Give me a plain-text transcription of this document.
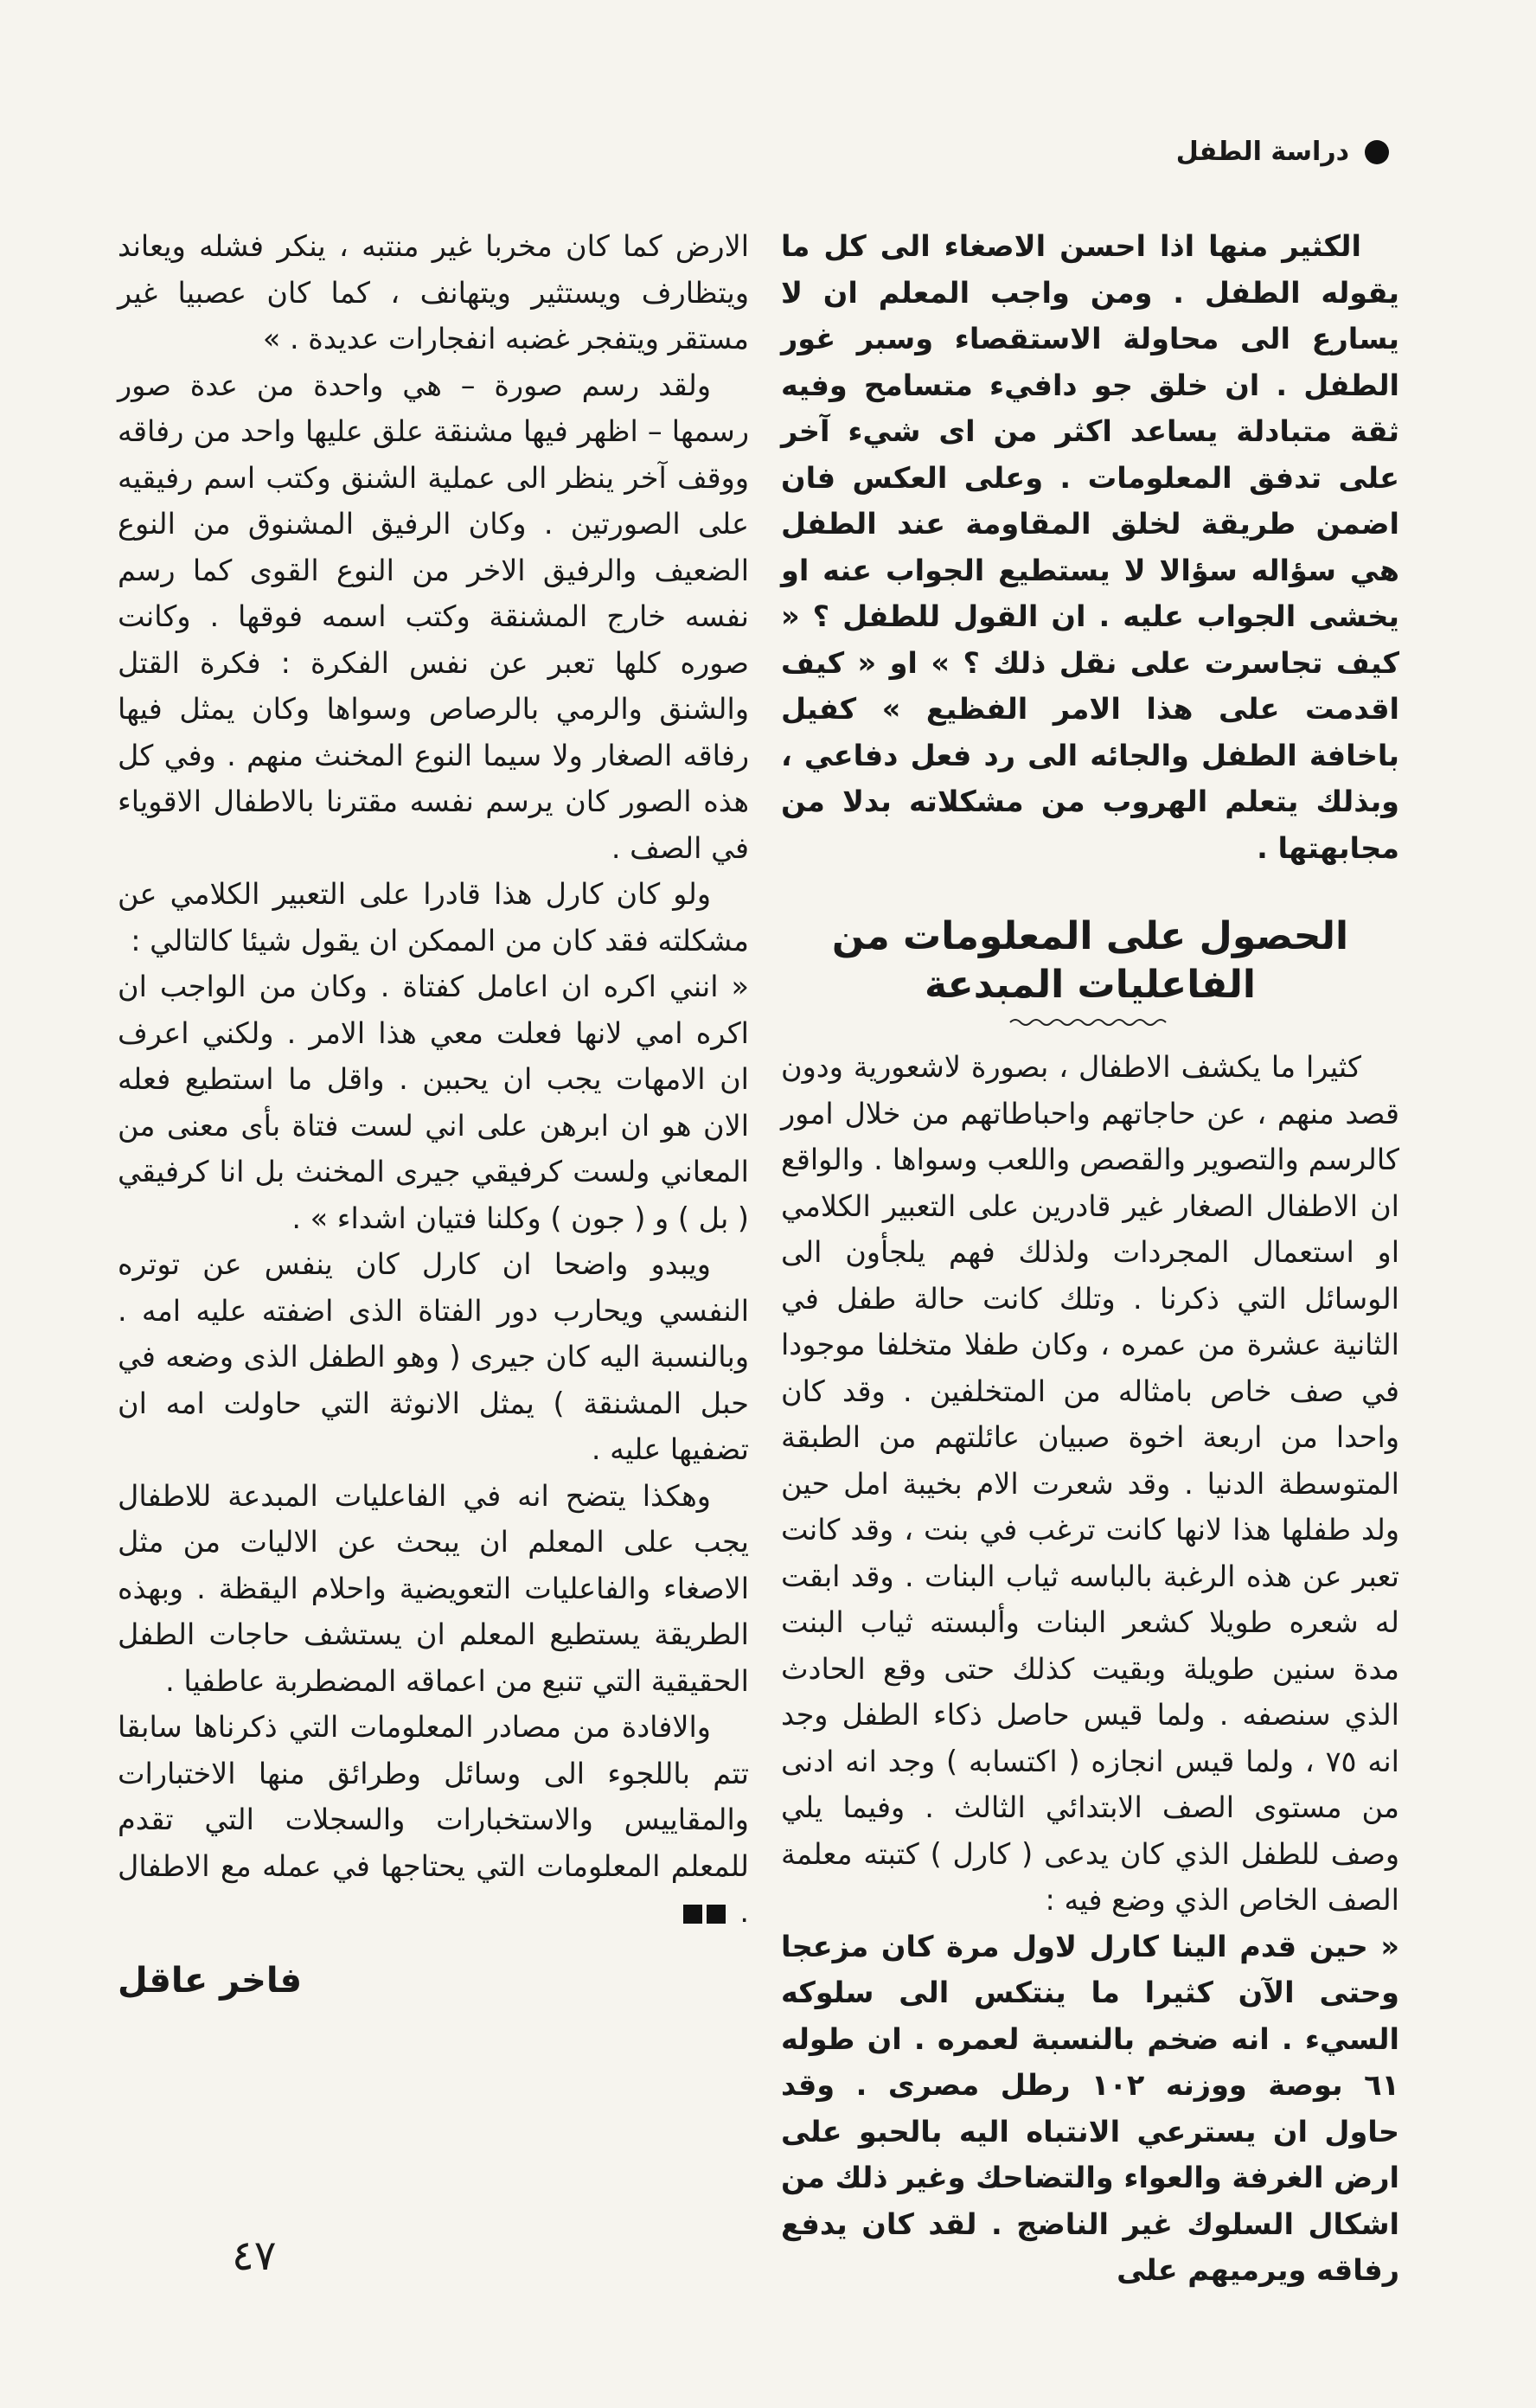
دراسة الطفل

الكثير منها اذا احسن الاصغاء الى كل ما يقوله الطفل . ومن واجب المعلم ان لا يسارع الى محاولة الاستقصاء وسبر غور الطفل . ان خلق جو دافيء متسامح وفيه ثقة متبادلة يساعد اكثر من اى شيء آخر على تدفق المعلومات . وعلى العكس فان اضمن طريقة لخلق المقاومة عند الطفل هي سؤاله سؤالا لا يستطيع الجواب عنه او يخشى الجواب عليه . ان القول للطفل ؟ « كيف تجاسرت على نقل ذلك ؟ » او « كيف اقدمت على هذا الامر الفظيع » كفيل باخافة الطفل والجائه الى رد فعل دفاعي ، وبذلك يتعلم الهروب من مشكلاته بدلا من مجابهتها .

الحصول على المعلومات من الفاعليات المبدعة

كثيرا ما يكشف الاطفال ، بصورة لاشعورية ودون قصد منهم ، عن حاجاتهم واحباطاتهم من خلال امور كالرسم والتصوير والقصص واللعب وسواها . والواقع ان الاطفال الصغار غير قادرين على التعبير الكلامي او استعمال المجردات ولذلك فهم يلجأون الى الوسائل التي ذكرنا . وتلك كانت حالة طفل في الثانية عشرة من عمره ، وكان طفلا متخلفا موجودا في صف خاص بامثاله من المتخلفين . وقد كان واحدا من اربعة اخوة صبيان عائلتهم من الطبقة المتوسطة الدنيا . وقد شعرت الام بخيبة امل حين ولد طفلها هذا لانها كانت ترغب في بنت ، وقد كانت تعبر عن هذه الرغبة بالباسه ثياب البنات . وقد ابقت له شعره طويلا كشعر البنات وألبسته ثياب البنت مدة سنين طويلة وبقيت كذلك حتى وقع الحادث الذي سنصفه . ولما قيس حاصل ذكاء الطفل وجد انه ٧٥ ، ولما قيس انجازه ( اكتسابه ) وجد انه ادنى من مستوى الصف الابتدائي الثالث . وفيما يلي وصف للطفل الذي كان يدعى ( كارل ) كتبته معلمة الصف الخاص الذي وضع فيه :

« حين قدم الينا كارل لاول مرة كان مزعجا وحتى الآن كثيرا ما ينتكس الى سلوكه السيء . انه ضخم بالنسبة لعمره . ان طوله ٦١ بوصة ووزنه ١٠٢ رطل مصرى . وقد حاول ان يسترعي الانتباه اليه بالحبو على ارض الغرفة والعواء والتضاحك وغير ذلك من اشكال السلوك غير الناضج . لقد كان يدفع رفاقه ويرميهم على

الارض كما كان مخربا غير منتبه ، ينكر فشله ويعاند ويتظارف ويستثير ويتهانف ، كما كان عصبيا غير مستقر ويتفجر غضبه انفجارات عديدة . »

ولقد رسم صورة – هي واحدة من عدة صور رسمها – اظهر فيها مشنقة علق عليها واحد من رفاقه ووقف آخر ينظر الى عملية الشنق وكتب اسم رفيقيه على الصورتين . وكان الرفيق المشنوق من النوع الضعيف والرفيق الاخر من النوع القوى كما رسم نفسه خارج المشنقة وكتب اسمه فوقها . وكانت صوره كلها تعبر عن نفس الفكرة : فكرة القتل والشنق والرمي بالرصاص وسواها وكان يمثل فيها رفاقه الصغار ولا سيما النوع المخنث منهم . وفي كل هذه الصور كان يرسم نفسه مقترنا بالاطفال الاقوياء في الصف .

ولو كان كارل هذا قادرا على التعبير الكلامي عن مشكلته فقد كان من الممكن ان يقول شيئا كالتالي :

« انني اكره ان اعامل كفتاة . وكان من الواجب ان اكره امي لانها فعلت معي هذا الامر . ولكني اعرف ان الامهات يجب ان يحببن . واقل ما استطيع فعله الان هو ان ابرهن على اني لست فتاة بأى معنى من المعاني ولست كرفيقي جيرى المخنث بل انا كرفيقي ( بل ) و ( جون ) وكلنا فتيان اشداء » .

ويبدو واضحا ان كارل كان ينفس عن توتره النفسي ويحارب دور الفتاة الذى اضفته عليه امه . وبالنسبة اليه كان جيرى ( وهو الطفل الذى وضعه في حبل المشنقة ) يمثل الانوثة التي حاولت امه ان تضفيها عليه .

وهكذا يتضح انه في الفاعليات المبدعة للاطفال يجب على المعلم ان يبحث عن الاليات من مثل الاصغاء والفاعليات التعويضية واحلام اليقظة . وبهذه الطريقة يستطيع المعلم ان يستشف حاجات الطفل الحقيقية التي تنبع من اعماقه المضطربة عاطفيا .

والافادة من مصادر المعلومات التي ذكرناها سابقا تتم باللجوء الى وسائل وطرائق منها الاختبارات والمقاييس والاستخبارات والسجلات التي تقدم للمعلم المعلومات التي يحتاجها في عمله مع الاطفال .

فاخر عاقل
٤٧
